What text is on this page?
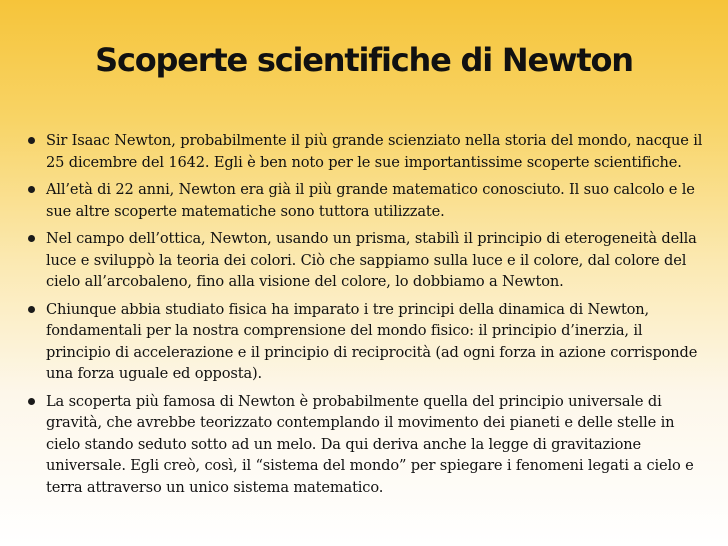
Scoperte scientifiche di Newton
Sir Isaac Newton, probabilmente il più grande scienziato nella storia del mondo, nacque il 25 dicembre del 1642. Egli è ben noto per le sue importantissime scoperte scientifiche.
All’età di 22 anni, Newton era già il più grande matematico conosciuto. Il suo calcolo e le sue altre scoperte matematiche sono tuttora utilizzate.
Nel campo dell’ottica, Newton, usando un prisma, stabilì il principio di eterogeneità della luce e sviluppò la teoria dei colori. Ciò che sappiamo sulla luce e il colore, dal colore del cielo all’arcobaleno, fino alla visione del colore, lo dobbiamo a Newton.
Chiunque abbia studiato fisica ha imparato i tre principi della dinamica di Newton, fondamentali per la nostra comprensione del mondo fisico: il principio d’inerzia, il principio di accelerazione e il principio di reciprocità (ad ogni forza in azione corrisponde una forza uguale ed opposta).
La scoperta più famosa di Newton è probabilmente quella del principio universale di gravità, che avrebbe teorizzato contemplando il movimento dei pianeti e delle stelle in cielo stando seduto sotto ad un melo. Da qui deriva anche la legge di gravitazione universale. Egli creò, così, il “sistema del mondo” per spiegare i fenomeni legati a cielo e terra attraverso un unico sistema matematico.
